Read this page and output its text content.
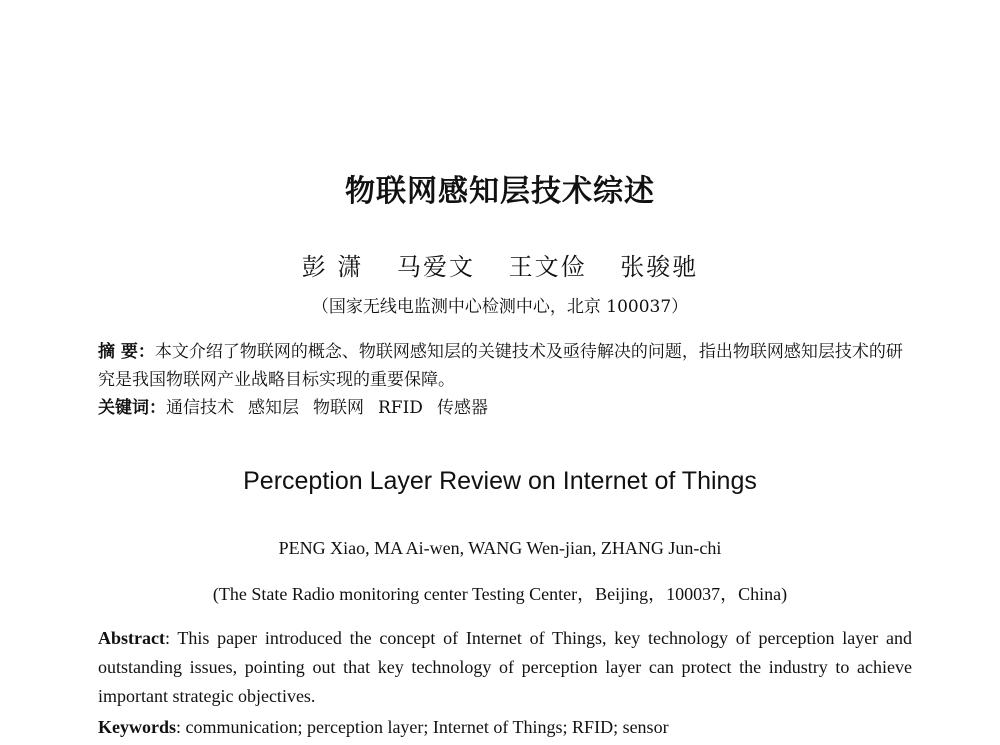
物联网感知层技术综述
彭 潇 马爱文 王文俭 张骏驰
（国家无线电监测中心检测中心，北京 100037）
摘 要：本文介绍了物联网的概念、物联网感知层的关键技术及亟待解决的问题，指出物联网感知层技术的研究是我国物联网产业战略目标实现的重要保障。
关键词：通信技术 感知层 物联网 RFID 传感器
Perception Layer Review on Internet of Things
PENG Xiao, MA Ai-wen, WANG Wen-jian, ZHANG Jun-chi
(The State Radio monitoring center Testing Center，Beijing，100037，China)
Abstract: This paper introduced the concept of Internet of Things, key technology of perception layer and outstanding issues, pointing out that key technology of perception layer can protect the industry to achieve important strategic objectives.
Keywords: communication; perception layer; Internet of Things; RFID; sensor
